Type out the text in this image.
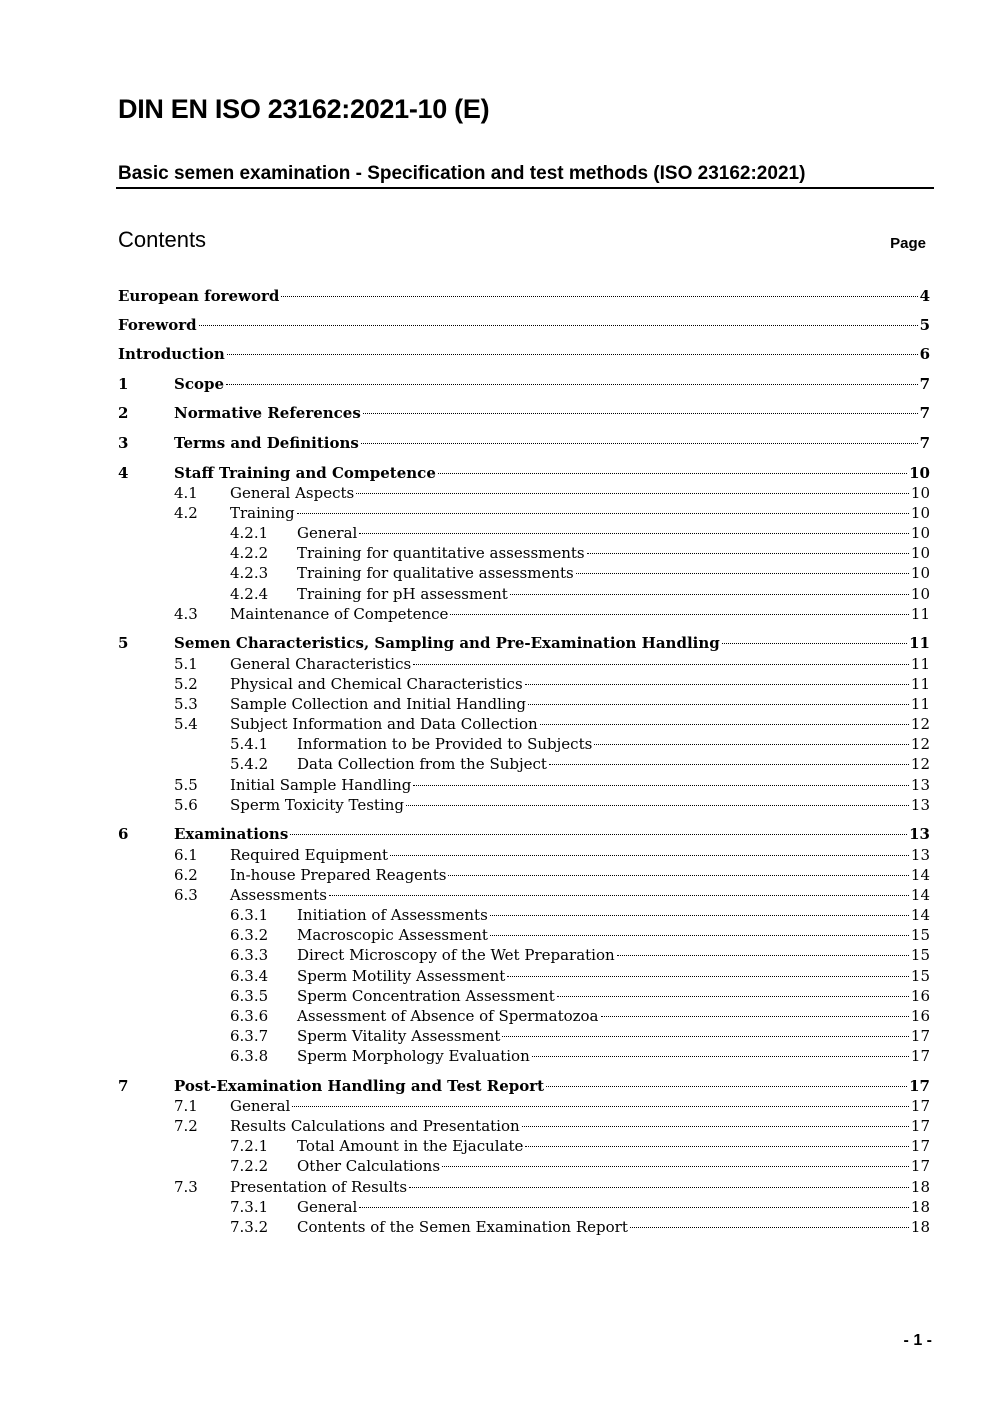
DIN EN ISO 23162:2021-10 (E)
Basic semen examination - Specification and test methods (ISO 23162:2021)
Contents	Page
European foreword	4
Foreword	5
Introduction	6
1	Scope	7
2	Normative References	7
3	Terms and Definitions	7
4	Staff Training and Competence	10
4.1 General Aspects	10
4.2 Training	10
4.2.1 General	10
4.2.2 Training for quantitative assessments	10
4.2.3 Training for qualitative assessments	10
4.2.4 Training for pH assessment	10
4.3 Maintenance of Competence	11
5	Semen Characteristics, Sampling and Pre-Examination Handling	11
5.1 General Characteristics	11
5.2 Physical and Chemical Characteristics	11
5.3 Sample Collection and Initial Handling	11
5.4 Subject Information and Data Collection	12
5.4.1 Information to be Provided to Subjects	12
5.4.2 Data Collection from the Subject	12
5.5 Initial Sample Handling	13
5.6 Sperm Toxicity Testing	13
6	Examinations	13
6.1 Required Equipment	13
6.2 In-house Prepared Reagents	14
6.3 Assessments	14
6.3.1 Initiation of Assessments	14
6.3.2 Macroscopic Assessment	15
6.3.3 Direct Microscopy of the Wet Preparation	15
6.3.4 Sperm Motility Assessment	15
6.3.5 Sperm Concentration Assessment	16
6.3.6 Assessment of Absence of Spermatozoa	16
6.3.7 Sperm Vitality Assessment	17
6.3.8 Sperm Morphology Evaluation	17
7	Post-Examination Handling and Test Report	17
7.1 General	17
7.2 Results Calculations and Presentation	17
7.2.1 Total Amount in the Ejaculate	17
7.2.2 Other Calculations	17
7.3 Presentation of Results	18
7.3.1 General	18
7.3.2 Contents of the Semen Examination Report	18
- 1 -
